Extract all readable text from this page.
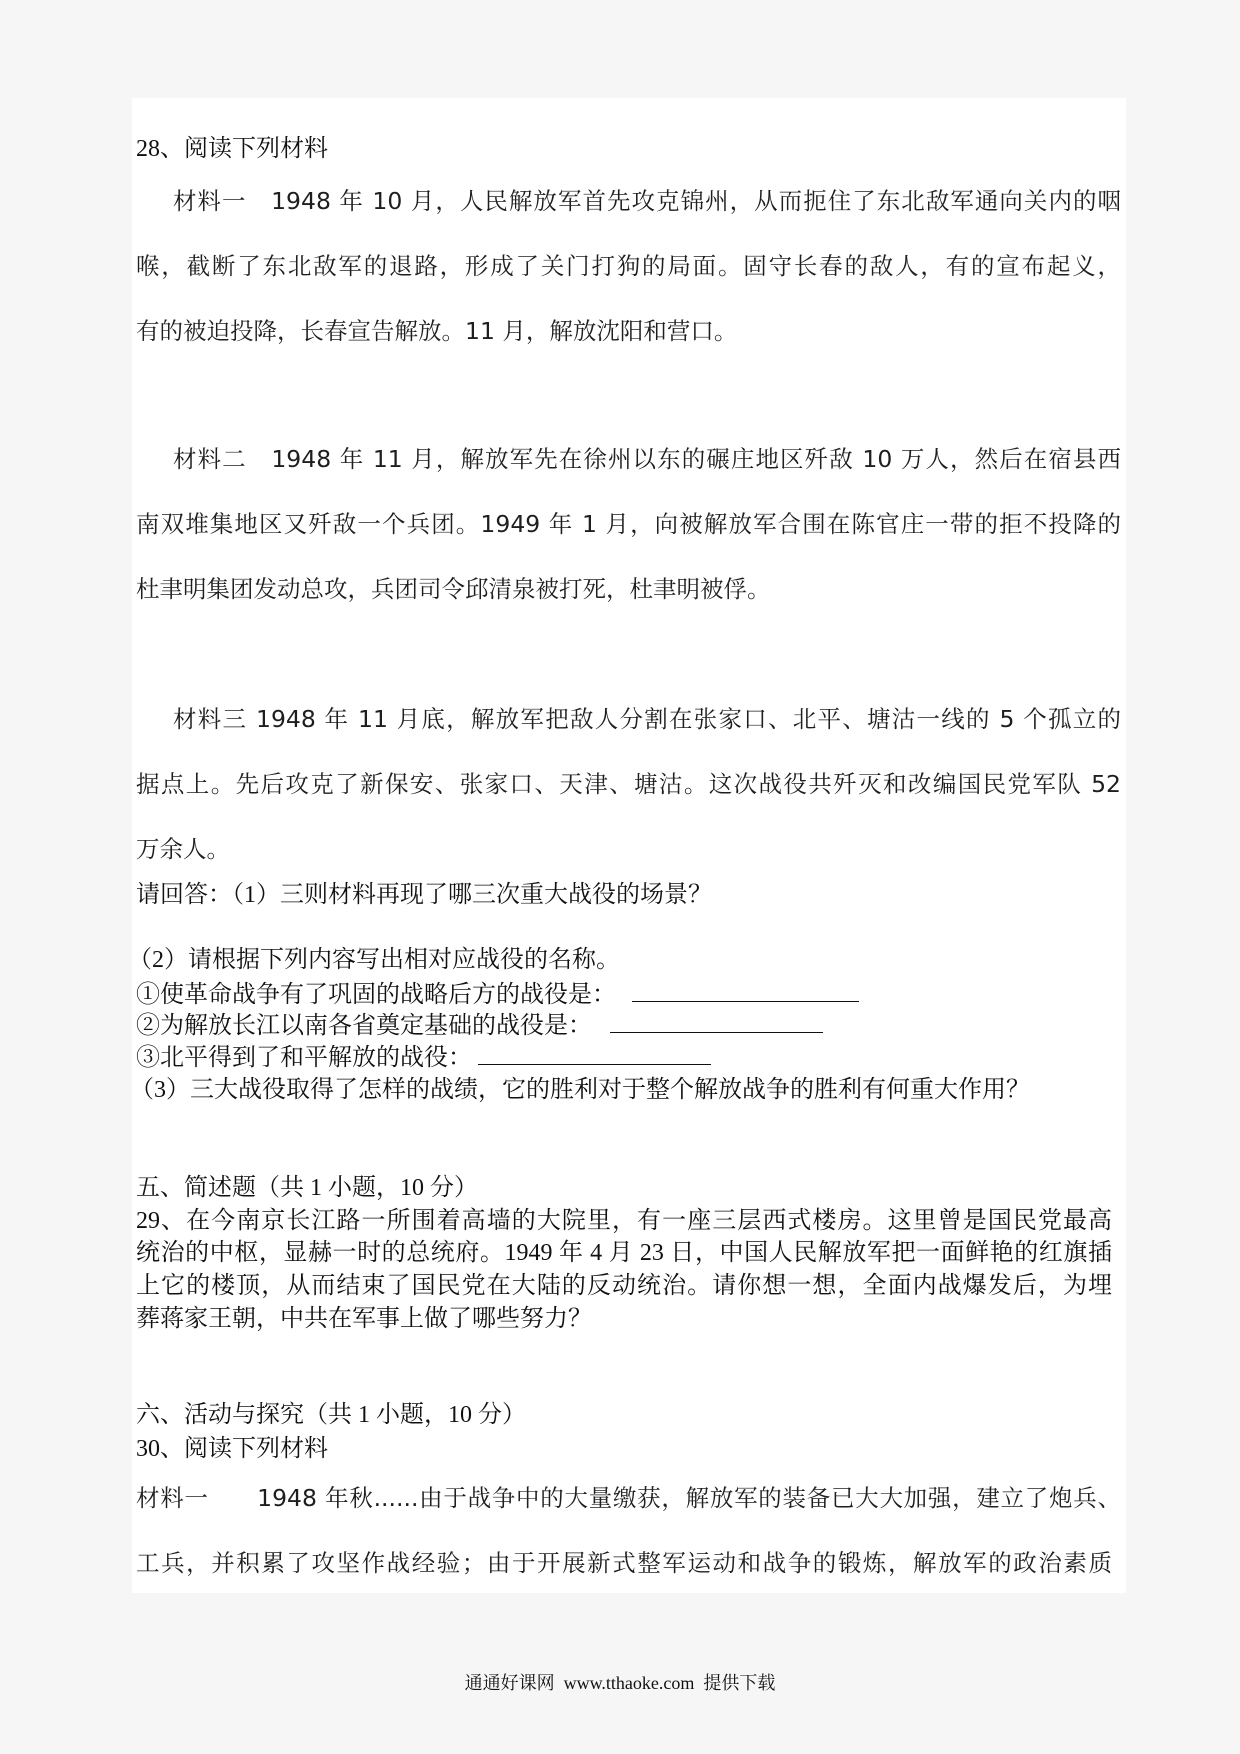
28、阅读下列材料
材料一　1948 年 10 月，人民解放军首先攻克锦州，从而扼住了东北敌军通向关内的咽
喉，截断了东北敌军的退路，形成了关门打狗的局面。固守长春的敌人，有的宣布起义，
有的被迫投降，长春宣告解放。11 月，解放沈阳和营口。
材料二　1948 年 11 月，解放军先在徐州以东的碾庄地区歼敌 10 万人，然后在宿县西
南双堆集地区又歼敌一个兵团。1949 年 1 月，向被解放军合围在陈官庄一带的拒不投降的
杜聿明集团发动总攻，兵团司令邱清泉被打死，杜聿明被俘。
材料三 1948 年 11 月底，解放军把敌人分割在张家口、北平、塘沽一线的 5 个孤立的
据点上。先后攻克了新保安、张家口、天津、塘沽。这次战役共歼灭和改编国民党军队 52
万余人。
请回答：（1）三则材料再现了哪三次重大战役的场景？
（2）请根据下列内容写出相对应战役的名称。
①使革命战争有了巩固的战略后方的战役是：
②为解放长江以南各省奠定基础的战役是：
③北平得到了和平解放的战役：
（3）三大战役取得了怎样的战绩，它的胜利对于整个解放战争的胜利有何重大作用？
五、简述题（共 1 小题，10 分）
29、在今南京长江路一所围着高墙的大院里，有一座三层西式楼房。这里曾是国民党最高
统治的中枢，显赫一时的总统府。1949 年 4 月 23 日，中国人民解放军把一面鲜艳的红旗插
上它的楼顶，从而结束了国民党在大陆的反动统治。请你想一想，全面内战爆发后，为埋
葬蒋家王朝，中共在军事上做了哪些努力？
六、活动与探究（共 1 小题，10 分）
30、阅读下列材料
材料一　　1948 年秋......由于战争中的大量缴获，解放军的装备已大大加强，建立了炮兵、
工兵，并积累了攻坚作战经验；由于开展新式整军运动和战争的锻炼，解放军的政治素质
通通好课网  www.tthaoke.com  提供下载
